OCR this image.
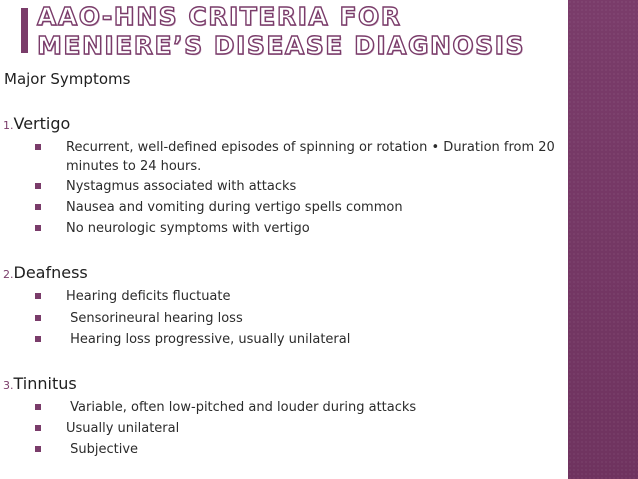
AAO-HNS CRITERIA FOR MENIERE’S DISEASE DIAGNOSIS
Major Symptoms
1.Vertigo
Recurrent, well-defined episodes of spinning or rotation • Duration from 20 minutes to 24 hours.
Nystagmus associated with attacks
Nausea and vomiting during vertigo spells common
No neurologic symptoms with vertigo
2.Deafness
Hearing deficits fluctuate
Sensorineural hearing loss
Hearing loss progressive, usually unilateral
3.Tinnitus
Variable, often low-pitched and louder during attacks
Usually unilateral
Subjective
